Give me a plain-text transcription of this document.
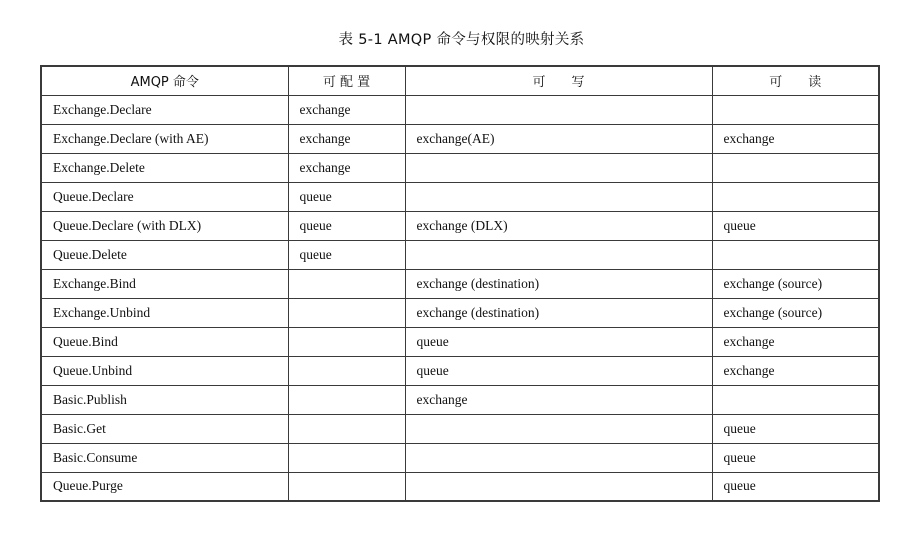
表 5-1 AMQP 命令与权限的映射关系
AMQP 命令	可 配 置	可　　写	可　　读
Exchange.Declare	exchange		
Exchange.Declare (with AE)	exchange	exchange(AE)	exchange
Exchange.Delete	exchange		
Queue.Declare	queue		
Queue.Declare (with DLX)	queue	exchange (DLX)	queue
Queue.Delete	queue		
Exchange.Bind		exchange (destination)	exchange (source)
Exchange.Unbind		exchange (destination)	exchange (source)
Queue.Bind		queue	exchange
Queue.Unbind		queue	exchange
Basic.Publish		exchange	
Basic.Get			queue
Basic.Consume			queue
Queue.Purge			queue
